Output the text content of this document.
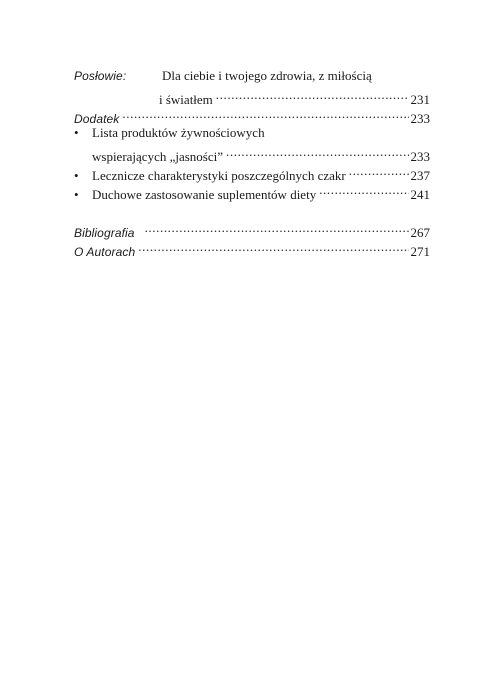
Posłowie:	Dla ciebie i twojego zdrowia, z miłością
i światłem .....	231
Dodatek .....	233
•	Lista produktów żywnościowych
wspierających „jasności” .....	233
•	Lecznicze charakterystyki poszczególnych czakr .....	237
•	Duchowe zastosowanie suplementów diety .....	241
Bibliografia .....	267
O Autorach .....	271
